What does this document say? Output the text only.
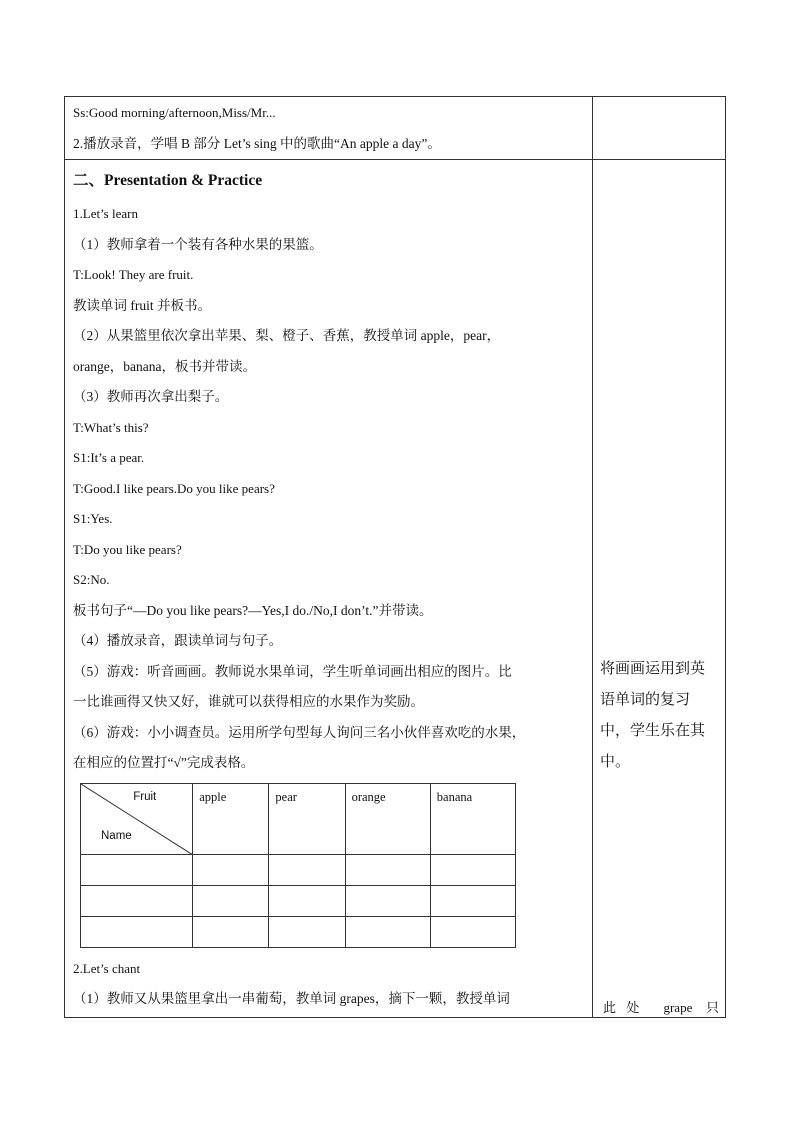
Ss:Good morning/afternoon,Miss/Mr...
2.播放录音，学唱 B 部分 Let’s sing 中的歌曲“An apple a day”。

二、Presentation & Practice
1.Let’s learn
（1）教师拿着一个装有各种水果的果篮。
T:Look! They are fruit.
教读单词 fruit 并板书。
（2）从果篮里依次拿出苹果、梨、橙子、香蕉，教授单词 apple，pear，
orange，banana，板书并带读。
（3）教师再次拿出梨子。
T:What’s this?
S1:It’s a pear.
T:Good.I like pears.Do you like pears?
S1:Yes.
T:Do you like pears?
S2:No.
板书句子“—Do you like pears?—Yes,I do./No,I don’t.”并带读。
（4）播放录音，跟读单词与句子。
（5）游戏：听音画画。教师说水果单词，学生听单词画出相应的图片。比
一比谁画得又快又好，谁就可以获得相应的水果作为奖励。
（6）游戏：小小调查员。运用所学句型每人询问三名小伙伴喜欢吃的水果，
在相应的位置打“√”完成表格。
Fruit
Name
	apple	pear	orange	banana

2.Let’s chant
（1）教师又从果篮里拿出一串葡萄，教单词 grapes，摘下一颗，教授单词

将画画运用到英语单词的复习中，学生乐在其中。
此处 grape 只
